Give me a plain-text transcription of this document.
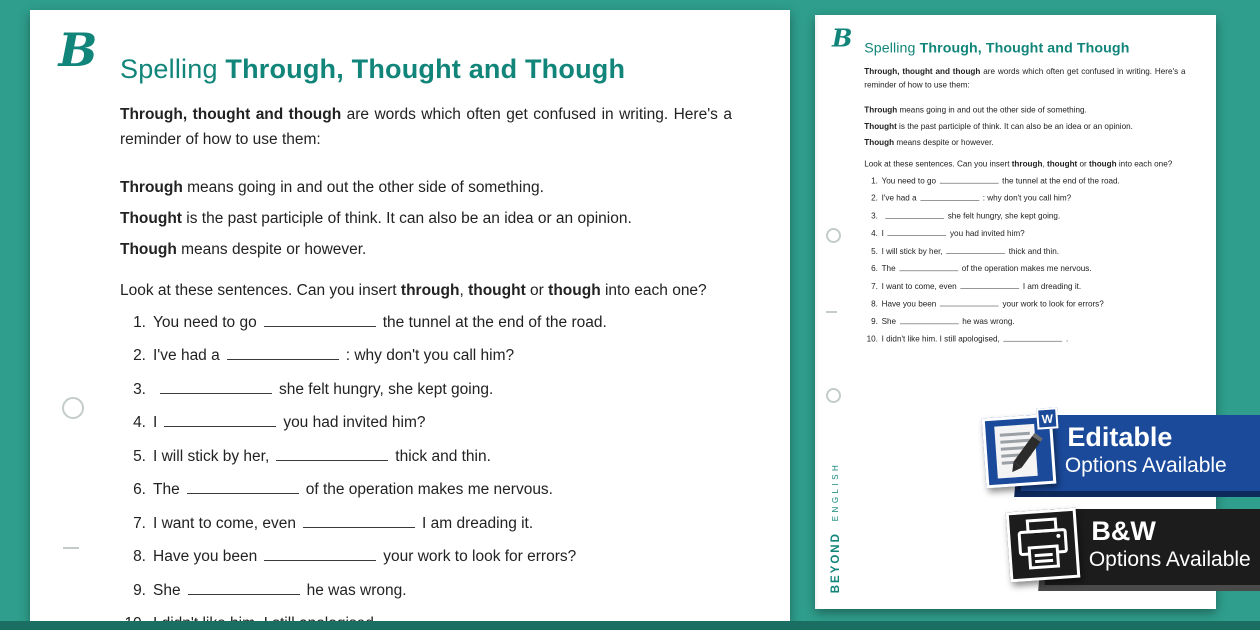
B Spelling Through, Thought and Though

Through, thought and though are words which often get confused in writing. Here's a reminder of how to use them:

Through means going in and out the other side of something.

Thought is the past participle of think. It can also be an idea or an opinion.

Though means despite or however.

Look at these sentences. Can you insert through, thought or though into each one?

1. You need to go	the tunnel at the end of the road.
2. I've had a	: why don't you call him?
3.	she felt hungry, she kept going.
4. I	you had invited him?
5. I will stick by her,	thick and thin.
6. The	of the operation makes me nervous.
7. I want to come, even	I am dreading it.
8. Have you been	your work to look for errors?
9. She	he was wrong.
B Spelling Through, Thought and Though

Through, thought and though are words which often get confused in writing. Here's a reminder of how to use them:

Through means going in and out the other side of something.

Thought is the past participle of think. It can also be an idea or an opinion.

Though means despite or however.

Look at these sentences. Can you insert through, thought or though into each one?

1. You need to go	the tunnel at the end of the road.
2. I've had a	: why don't you call him?
3.	she felt hungry, she kept going.
4. I	you had invited him?
5. I will stick by her,	thick and thin.
6. The	of the operation makes me nervous.
7. I want to come, even	I am dreading it.
8. Have you been	your work to look for errors?
9. She	he was wrong.
10. I didn't like him. I still apologised,	.
BEYOND ENGLISH
Editable
Options Available
W
B&W
Options Available
